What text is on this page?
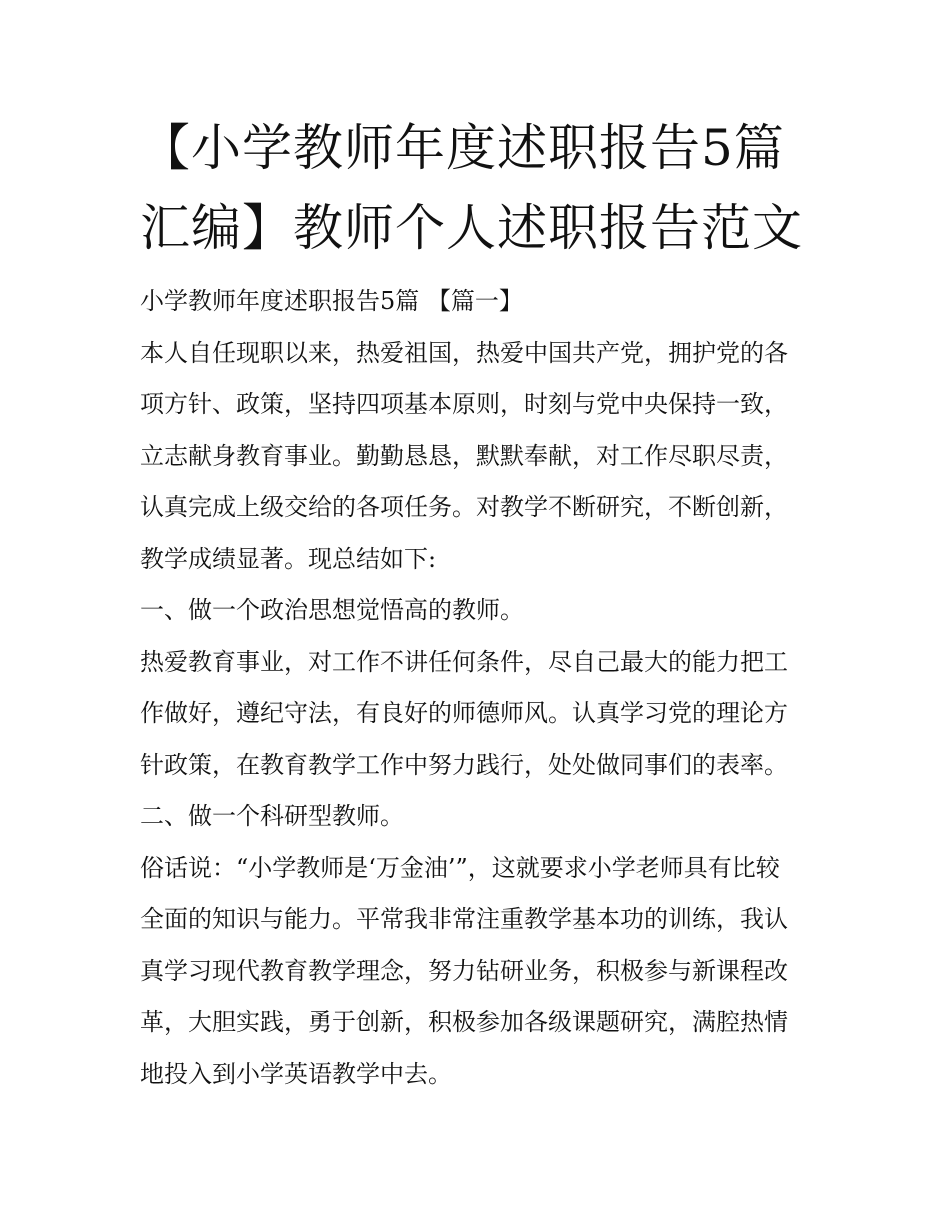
【小学教师年度述职报告5篇
汇编】教师个人述职报告范文
小学教师年度述职报告5篇 【篇一】
本人自任现职以来，热爱祖国，热爱中国共产党，拥护党的各
项方针、政策，坚持四项基本原则，时刻与党中央保持一致，
立志献身教育事业。勤勤恳恳，默默奉献，对工作尽职尽责，
认真完成上级交给的各项任务。对教学不断研究，不断创新，
教学成绩显著。现总结如下:
一、做一个政治思想觉悟高的教师。
热爱教育事业，对工作不讲任何条件，尽自己最大的能力把工
作做好，遵纪守法，有良好的师德师风。认真学习党的理论方
针政策，在教育教学工作中努力践行，处处做同事们的表率。
二、做一个科研型教师。
俗话说：“小学教师是‘万金油’”，这就要求小学老师具有比较
全面的知识与能力。平常我非常注重教学基本功的训练，我认
真学习现代教育教学理念，努力钻研业务，积极参与新课程改
革，大胆实践，勇于创新，积极参加各级课题研究，满腔热情
地投入到小学英语教学中去。
